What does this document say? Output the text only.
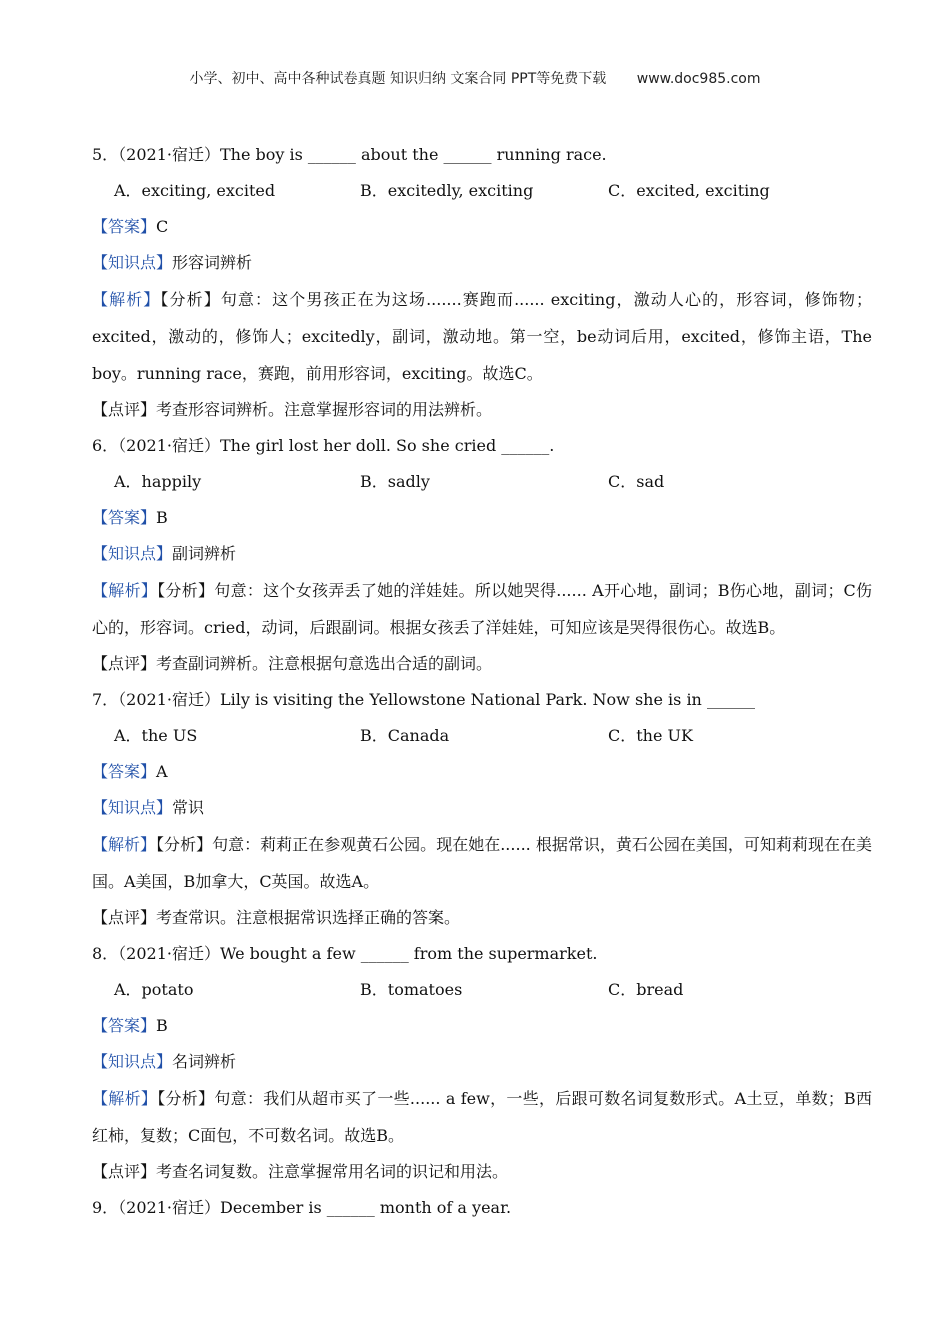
小学、初中、高中各种试卷真题 知识归纳 文案合同 PPT等免费下载 www.doc985.com
5．（2021·宿迁）The boy is ______ about the ______ running race.
A．exciting, excited	B．excitedly, exciting	C．excited, exciting
【答案】C
【知识点】形容词辨析
【解析】【分析】句意：这个男孩正在为这场.......赛跑而...... exciting，激动人心的，形容词，修饰物；excited，激动的，修饰人；excitedly，副词，激动地。第一空，be动词后用，excited，修饰主语，The boy。running race，赛跑，前用形容词，exciting。故选C。
【点评】考查形容词辨析。注意掌握形容词的用法辨析。
6．（2021·宿迁）The girl lost her doll. So she cried ______.
A．happily	B．sadly	C．sad
【答案】B
【知识点】副词辨析
【解析】【分析】句意：这个女孩弄丢了她的洋娃娃。所以她哭得...... A开心地，副词；B伤心地，副词；C伤心的，形容词。cried，动词，后跟副词。根据女孩丢了洋娃娃，可知应该是哭得很伤心。故选B。
【点评】考查副词辨析。注意根据句意选出合适的副词。
7．（2021·宿迁）Lily is visiting the Yellowstone National Park. Now she is in ______
A．the US	B．Canada	C．the UK
【答案】A
【知识点】常识
【解析】【分析】句意：莉莉正在参观黄石公园。现在她在...... 根据常识，黄石公园在美国，可知莉莉现在在美国。A美国，B加拿大，C英国。故选A。
【点评】考查常识。注意根据常识选择正确的答案。
8．（2021·宿迁）We bought a few ______ from the supermarket.
A．potato	B．tomatoes	C．bread
【答案】B
【知识点】名词辨析
【解析】【分析】句意：我们从超市买了一些...... a few，一些，后跟可数名词复数形式。A土豆，单数；B西红柿，复数；C面包，不可数名词。故选B。
【点评】考查名词复数。注意掌握常用名词的识记和用法。
9．（2021·宿迁）December is ______ month of a year.
